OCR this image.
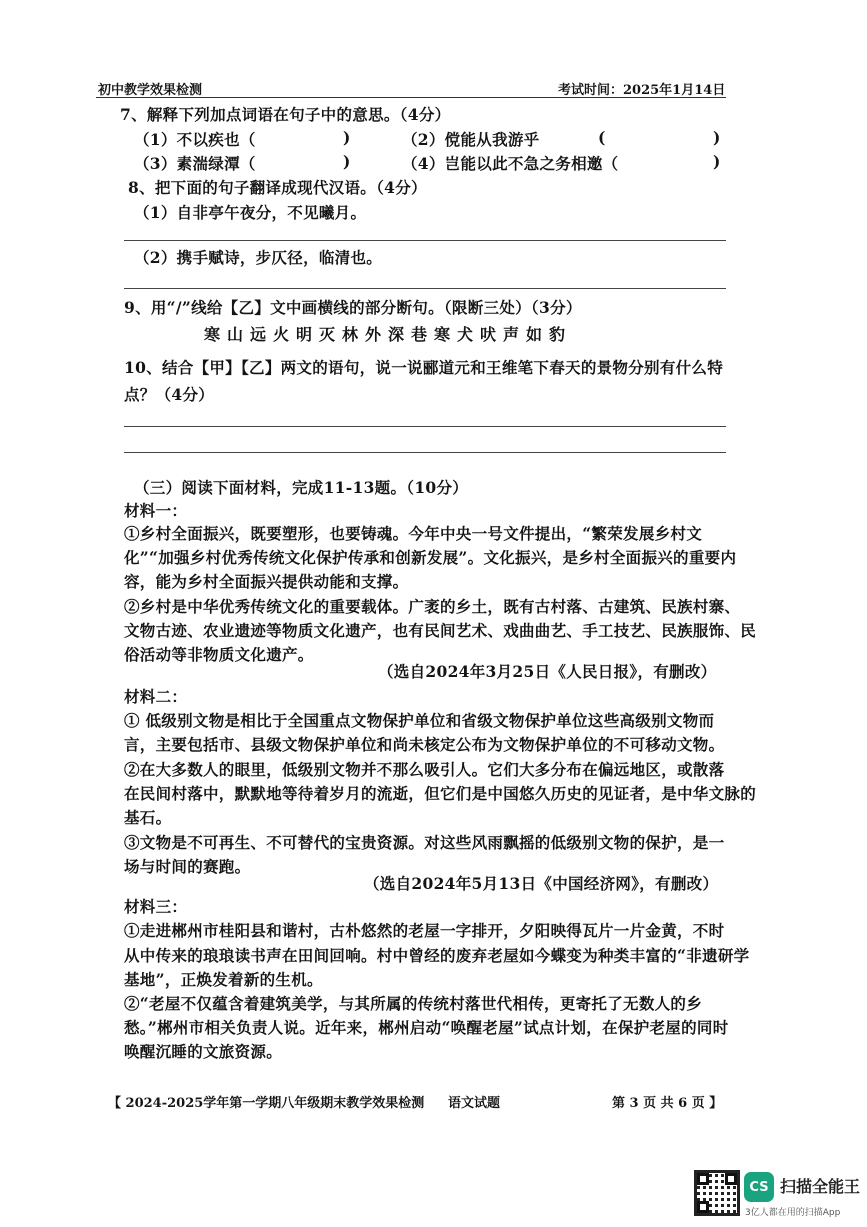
初中教学效果检测	考试时间：2025年1月14日
7、解释下列加点词语在句子中的意思。（4分）
（1）不以疾也（	)	（2）傥能从我游乎	(	)
（3）素湍绿潭（	)	（4）岂能以此不急之务相邀（	)
8、把下面的句子翻译成现代汉语。（4分）
（1）自非亭午夜分，不见曦月。
（2）携手赋诗，步仄径，临清也。
9、用“/”线给【乙】文中画横线的部分断句。（限断三处）（3分）
寒山远火明灭林外深巷寒犬吠声如豹
10、结合【甲】【乙】两文的语句，说一说郦道元和王维笔下春天的景物分别有什么特
点？（4分）
（三）阅读下面材料，完成11-13题。（10分）
材料一：
①乡村全面振兴，既要塑形，也要铸魂。今年中央一号文件提出，“繁荣发展乡村文
化”“加强乡村优秀传统文化保护传承和创新发展”。文化振兴，是乡村全面振兴的重要内
容，能为乡村全面振兴提供动能和支撑。
②乡村是中华优秀传统文化的重要载体。广袤的乡土，既有古村落、古建筑、民族村寨、
文物古迹、农业遗迹等物质文化遗产，也有民间艺术、戏曲曲艺、手工技艺、民族服饰、民
俗活动等非物质文化遗产。
（选自2024年3月25日《人民日报》，有删改）
材料二：
① 低级别文物是相比于全国重点文物保护单位和省级文物保护单位这些高级别文物而
言，主要包括市、县级文物保护单位和尚未核定公布为文物保护单位的不可移动文物。
②在大多数人的眼里，低级别文物并不那么吸引人。它们大多分布在偏远地区，或散落
在民间村落中，默默地等待着岁月的流逝，但它们是中国悠久历史的见证者，是中华文脉的
基石。
③文物是不可再生、不可替代的宝贵资源。对这些风雨飘摇的低级别文物的保护，是一
场与时间的赛跑。
（选自2024年5月13日《中国经济网》，有删改）
材料三：
①走进郴州市桂阳县和谐村，古朴悠然的老屋一字排开，夕阳映得瓦片一片金黄，不时
从中传来的琅琅读书声在田间回响。村中曾经的废弃老屋如今蝶变为种类丰富的“非遗研学
基地”，正焕发着新的生机。
②“老屋不仅蕴含着建筑美学，与其所属的传统村落世代相传，更寄托了无数人的乡
愁。”郴州市相关负责人说。近年来，郴州启动“唤醒老屋”试点计划，在保护老屋的同时
唤醒沉睡的文旅资源。
【 2024-2025学年第一学期八年级期末教学效果检测 语文试题	第 3 页 共 6 页 】
CS 扫描全能王
3亿人都在用的扫描App
